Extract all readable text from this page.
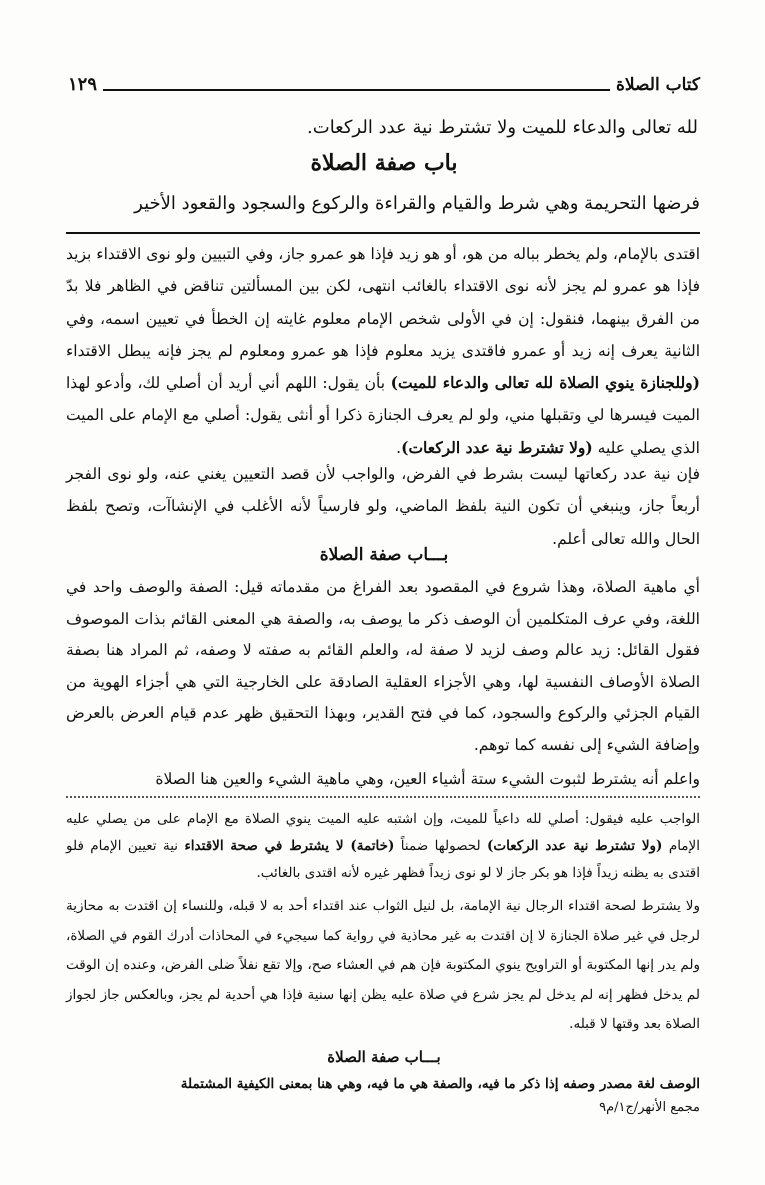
١٢٩	كتاب الصلاة
لله تعالى والدعاء للميت ولا تشترط نية عدد الركعات.
باب صفة الصلاة
فرضها التحريمة وهي شرط والقيام والقراءة والركوع والسجود والقعود الأخير
اقتدى بالإمام، ولم يخطر بباله من هو، أو هو زيد فإذا هو عمرو جاز، وفي التبيين ولو نوى الاقتداء بزيد فإذا هو عمرو لم يجز لأنه نوى الاقتداء بالغائب انتهى، لكن بين المسألتين تناقض في الظاهر فلا بدّ من الفرق بينهما، فنقول: إن في الأولى شخص الإمام معلوم غايته إن الخطأ في تعيين اسمه، وفي الثانية يعرف إنه زيد أو عمرو فاقتدى يزيد معلوم فإذا هو عمرو ومعلوم لم يجز فإنه يبطل الاقتداء (وللجنازة ينوي الصلاة لله تعالى والدعاء للميت) بأن يقول: اللهم أني أريد أن أصلي لك، وأدعو لهذا الميت فيسرها لي وتقبلها مني، ولو لم يعرف الجنازة ذكرا أو أنثى يقول: أصلي مع الإمام على الميت الذي يصلي عليه (ولا تشترط نية عدد الركعات).
فإن نية عدد ركعاتها ليست بشرط في الفرض، والواجب لأن قصد التعيين يغني عنه، ولو نوى الفجر أربعاً جاز، وينبغي أن تكون النية بلفظ الماضي، ولو فارسياً لأنه الأغلب في الإنشاآت، وتصح بلفظ الحال والله تعالى أعلم.
بـــاب صفة الصلاة
أي ماهية الصلاة، وهذا شروع في المقصود بعد الفراغ من مقدماته قيل: الصفة والوصف واحد في اللغة، وفي عرف المتكلمين أن الوصف ذكر ما يوصف به، والصفة هي المعنى القائم بذات الموصوف فقول القائل: زيد عالم وصف لزيد لا صفة له، والعلم القائم به صفته لا وصفه، ثم المراد هنا بصفة الصلاة الأوصاف النفسية لها، وهي الأجزاء العقلية الصادقة على الخارجية التي هي أجزاء الهوية من القيام الجزئي والركوع والسجود، كما في فتح القدير، وبهذا التحقيق ظهر عدم قيام العرض بالعرض وإضافة الشيء إلى نفسه كما توهم.
واعلم أنه يشترط لثبوت الشيء ستة أشياء العين، وهي ماهية الشيء والعين هنا الصلاة
الواجب عليه فيقول: أصلي لله داعياً للميت، وإن اشتبه عليه الميت ينوي الصلاة مع الإمام على من يصلي عليه الإمام (ولا تشترط نية عدد الركعات) لحصولها ضمناً (خاتمة) لا يشترط في صحة الاقتداء نية تعيين الإمام فلو اقتدى به يظنه زيداً فإذا هو بكر جاز لا لو نوى زيداً فظهر غيره لأنه اقتدى بالغائب.
ولا يشترط لصحة اقتداء الرجال نية الإمامة، بل لنيل الثواب عند اقتداء أحد به لا قبله، وللنساء إن اقتدت به محازية لرجل في غير صلاة الجنازة لا إن اقتدت به غير محاذية في رواية كما سيجيء في المحاذات أدرك القوم في الصلاة، ولم يدر إنها المكتوبة أو التراويح ينوي المكتوبة فإن هم في العشاء صح، وإلا تقع نفلاً ضلى الفرض، وعنده إن الوقت لم يدخل فظهر إنه لم يدخل لم يجز شرع في صلاة عليه يظن إنها سنية فإذا هي أحدية لم يجز، وبالعكس جاز لجواز الصلاة بعد وقتها لا قبله.
بـــاب صفة الصلاة
الوصف لغة مصدر وصفه إذا ذكر ما فيه، والصفة هي ما فيه، وهي هنا بمعنى الكيفية المشتملة
مجمع الأنهر/ج١/م٩
